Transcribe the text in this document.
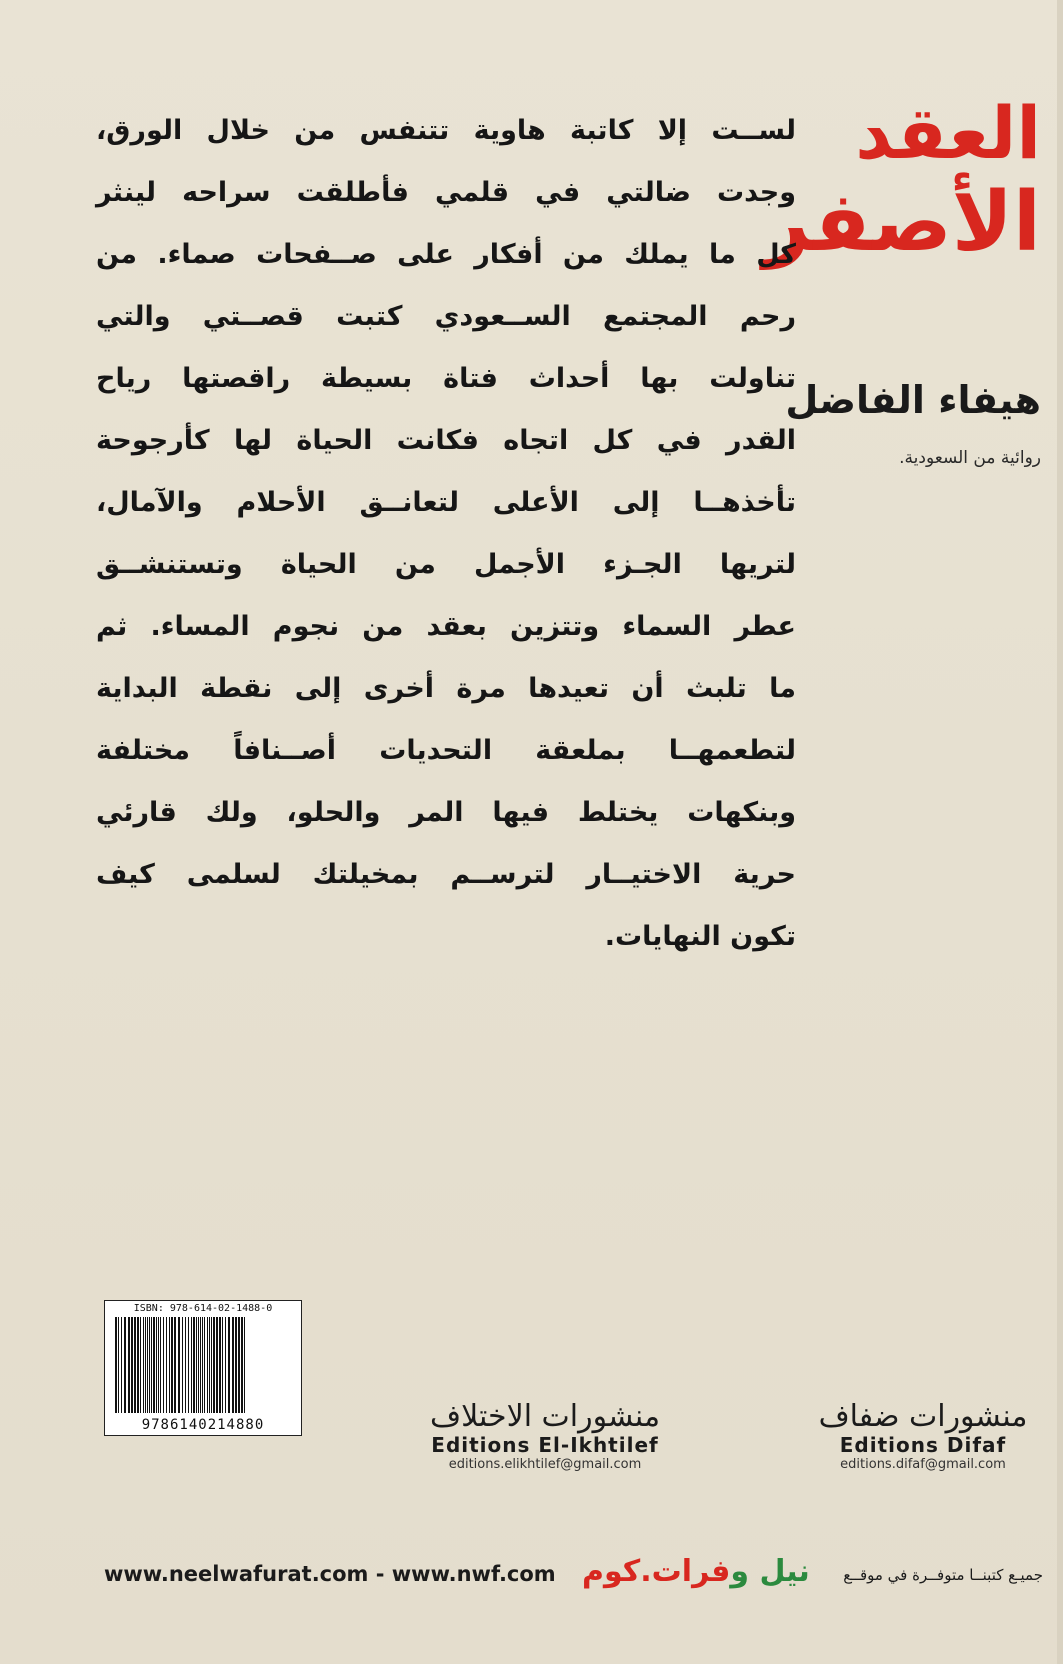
العقد
الأصفر
هيفاء الفاضل
روائية من السعودية.
لســت إلا كاتبة هاوية تتنفس من خلال الورق،
وجدت ضالتي في قلمي فأطلقت سراحه لينثر
كل ما يملك من أفكار على صــفحات صماء. من
رحم المجتمع الســعودي كتبت قصــتي والتي
تناولت بها أحداث فتاة بسيطة راقصتها رياح
القدر في كل اتجاه فكانت الحياة لها كأرجوحة
تأخذهــا إلى الأعلى لتعانــق الأحلام والآمال،
لتريها الجـزء الأجمل من الحياة وتستنشــق
عطر السماء وتتزين بعقد من نجوم المساء. ثم
ما تلبث أن تعيدها مرة أخرى إلى نقطة البداية
لتطعمهــا بملعقة التحديات أصــنافاً مختلفة
وبنكهات يختلط فيها المر والحلو، ولك قارئي
حرية الاختيــار لترســم بمخيلتك لسلمى كيف
تكون النهايات.
ISBN: 978-614-02-1488-0
9786140214880	منشورات الاختلاف
Editions El-Ikhtilef
editions.elikhtilef@gmail.com
منشورات ضفاف
Editions Difaf
editions.difaf@gmail.com
www.neelwafurat.com - www.nwf.com	نيل وفرات.كوم	جميـع كتبنــا متوفــرة في موقــع
